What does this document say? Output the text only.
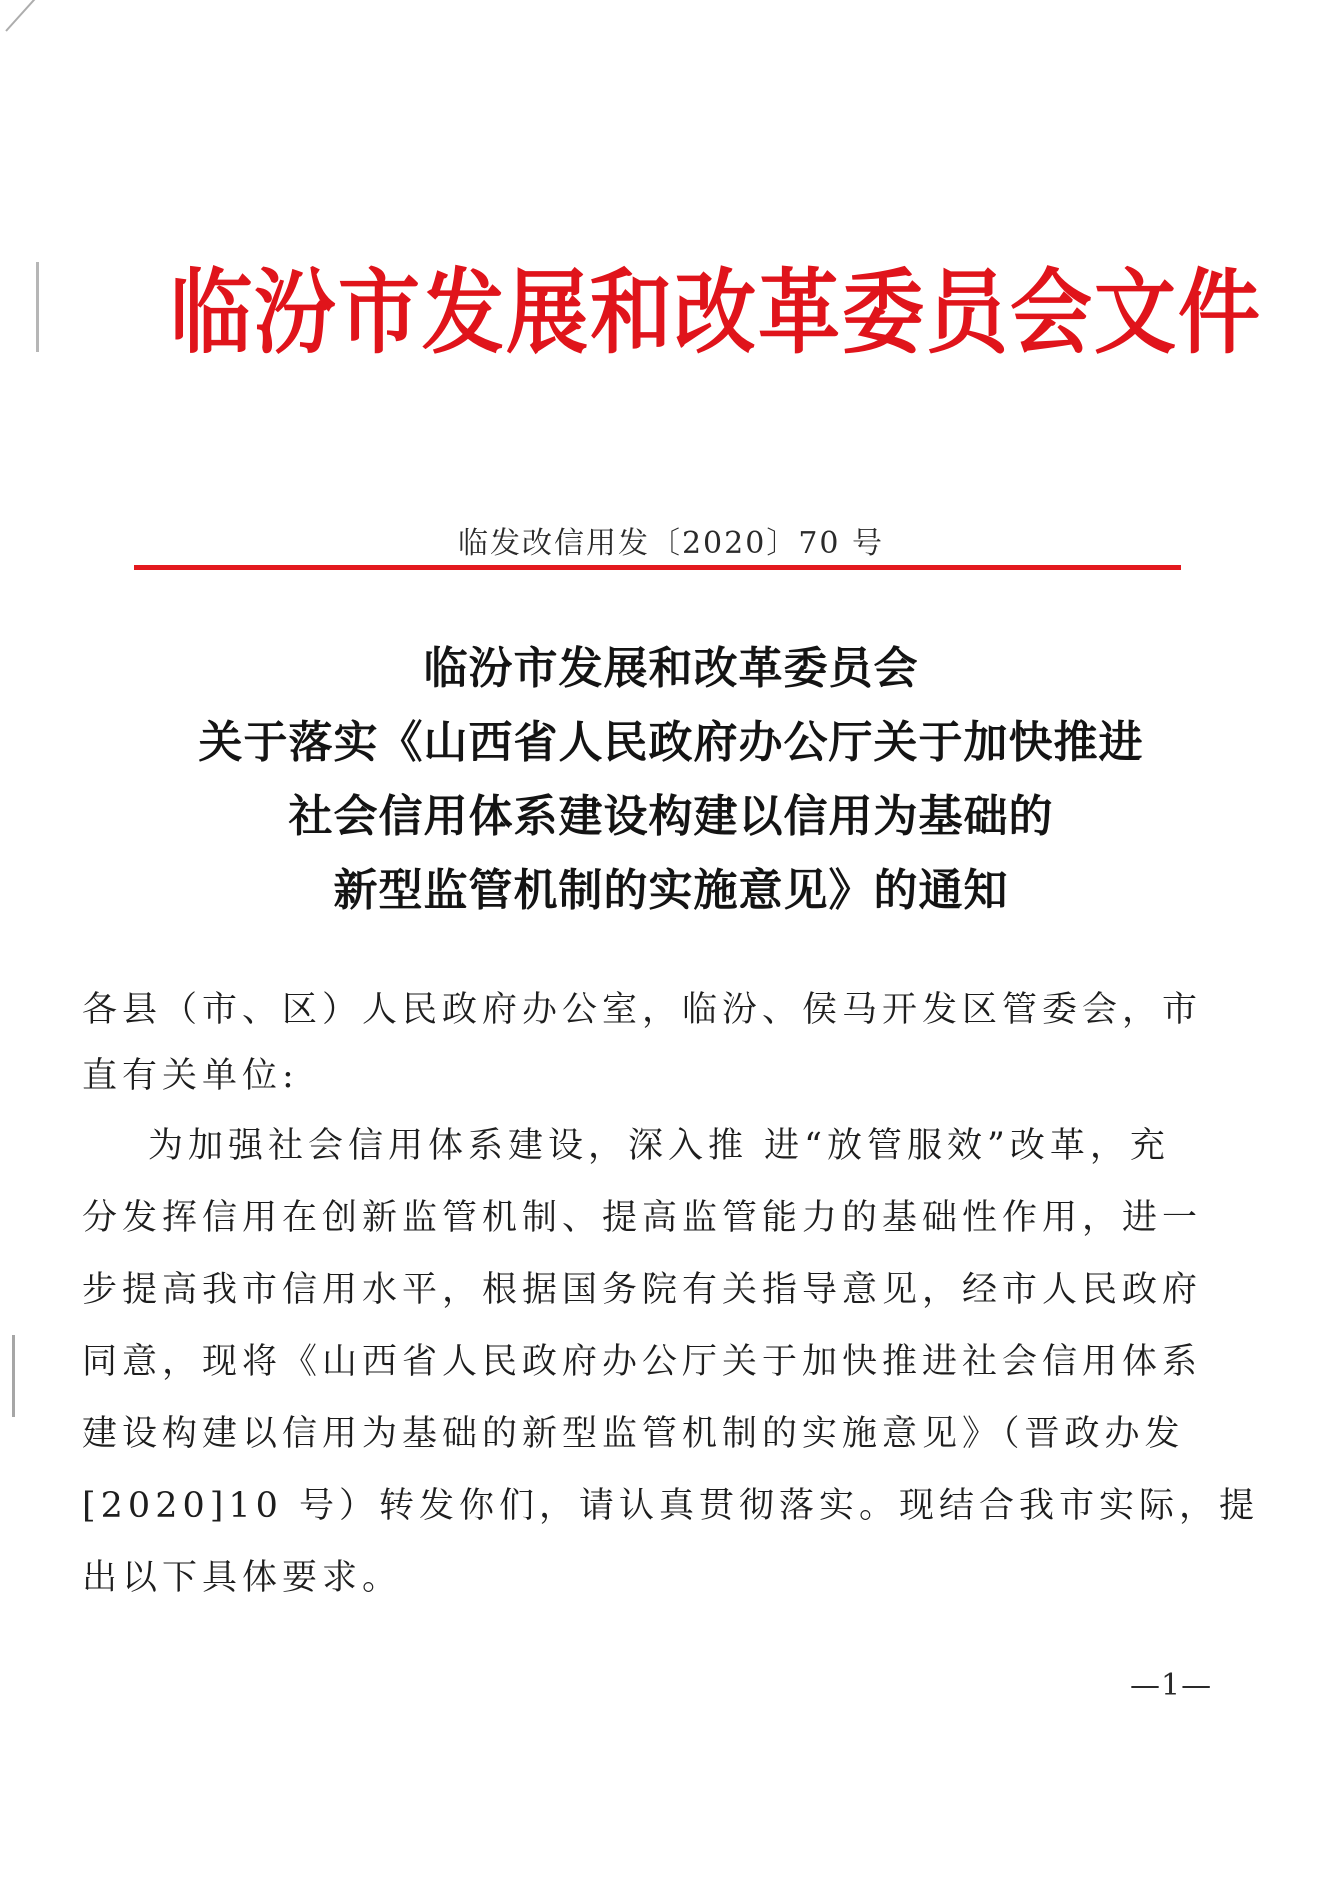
临汾市发展和改革委员会文件
临发改信用发〔2020〕70 号
临汾市发展和改革委员会
关于落实《山西省人民政府办公厅关于加快推进
社会信用体系建设构建以信用为基础的
新型监管机制的实施意见》的通知
各县（市、区）人民政府办公室，临汾、侯马开发区管委会，市
直有关单位:
为加强社会信用体系建设，深入推 进“放管服效”改革，充
分发挥信用在创新监管机制、提高监管能力的基础性作用，进一
步提高我市信用水平，根据国务院有关指导意见，经市人民政府
同意，现将《山西省人民政府办公厅关于加快推进社会信用体系
建设构建以信用为基础的新型监管机制的实施意见》（晋政办发
[2020]10 号）转发你们，请认真贯彻落实。现结合我市实际，提
出以下具体要求。
—1—
